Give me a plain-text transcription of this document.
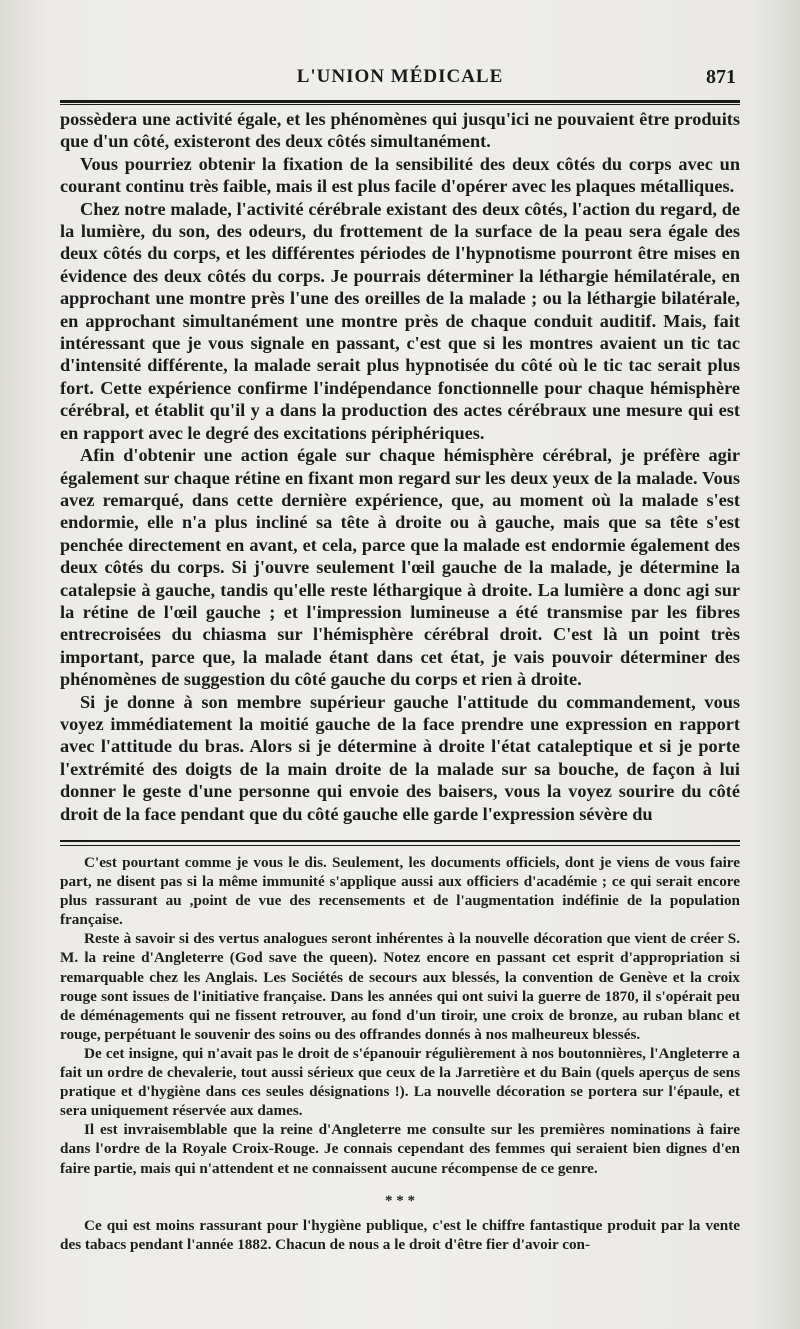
L'UNION MÉDICALE	871

possèdera une activité égale, et les phénomènes qui jusqu'ici ne pouvaient être produits que d'un côté, existeront des deux côtés simultanément.

Vous pourriez obtenir la fixation de la sensibilité des deux côtés du corps avec un courant continu très faible, mais il est plus facile d'opérer avec les plaques métalliques.

Chez notre malade, l'activité cérébrale existant des deux côtés, l'action du regard, de la lumière, du son, des odeurs, du frottement de la surface de la peau sera égale des deux côtés du corps, et les différentes périodes de l'hypnotisme pourront être mises en évidence des deux côtés du corps. Je pourrais déterminer la léthargie hémilatérale, en approchant une montre près l'une des oreilles de la malade ; ou la léthargie bilatérale, en approchant simultanément une montre près de chaque conduit auditif. Mais, fait intéressant que je vous signale en passant, c'est que si les montres avaient un tic tac d'intensité différente, la malade serait plus hypnotisée du côté où le tic tac serait plus fort. Cette expérience confirme l'indépendance fonctionnelle pour chaque hémisphère cérébral, et établit qu'il y a dans la production des actes cérébraux une mesure qui est en rapport avec le degré des excitations périphériques.

Afin d'obtenir une action égale sur chaque hémisphère cérébral, je préfère agir également sur chaque rétine en fixant mon regard sur les deux yeux de la malade. Vous avez remarqué, dans cette dernière expérience, que, au moment où la malade s'est endormie, elle n'a plus incliné sa tête à droite ou à gauche, mais que sa tête s'est penchée directement en avant, et cela, parce que la malade est endormie également des deux côtés du corps. Si j'ouvre seulement l'œil gauche de la malade, je détermine la catalepsie à gauche, tandis qu'elle reste léthargique à droite. La lumière a donc agi sur la rétine de l'œil gauche ; et l'impression lumineuse a été transmise par les fibres entrecroisées du chiasma sur l'hémisphère cérébral droit. C'est là un point très important, parce que, la malade étant dans cet état, je vais pouvoir déterminer des phénomènes de suggestion du côté gauche du corps et rien à droite.

Si je donne à son membre supérieur gauche l'attitude du commandement, vous voyez immédiatement la moitié gauche de la face prendre une expression en rapport avec l'attitude du bras. Alors si je détermine à droite l'état cataleptique et si je porte l'extrémité des doigts de la main droite de la malade sur sa bouche, de façon à lui donner le geste d'une personne qui envoie des baisers, vous la voyez sourire du côté droit de la face pendant que du côté gauche elle garde l'expression sévère du

C'est pourtant comme je vous le dis. Seulement, les documents officiels, dont je viens de vous faire part, ne disent pas si la même immunité s'applique aussi aux officiers d'académie ; ce qui serait encore plus rassurant au ,point de vue des recensements et de l'augmentation indéfinie de la population française.

Reste à savoir si des vertus analogues seront inhérentes à la nouvelle décoration que vient de créer S. M. la reine d'Angleterre (God save the queen). Notez encore en passant cet esprit d'appropriation si remarquable chez les Anglais. Les Sociétés de secours aux blessés, la convention de Genève et la croix rouge sont issues de l'initiative française. Dans les années qui ont suivi la guerre de 1870, il s'opérait peu de déménagements qui ne fissent retrouver, au fond d'un tiroir, une croix de bronze, au ruban blanc et rouge, perpétuant le souvenir des soins ou des offrandes donnés à nos malheureux blessés.

De cet insigne, qui n'avait pas le droit de s'épanouir régulièrement à nos boutonnières, l'Angleterre a fait un ordre de chevalerie, tout aussi sérieux que ceux de la Jarretière et du Bain (quels aperçus de sens pratique et d'hygiène dans ces seules désignations !). La nouvelle décoration se portera sur l'épaule, et sera uniquement réservée aux dames.

Il est invraisemblable que la reine d'Angleterre me consulte sur les premières nominations à faire dans l'ordre de la Royale Croix-Rouge. Je connais cependant des femmes qui seraient bien dignes d'en faire partie, mais qui n'attendent et ne connaissent aucune récompense de ce genre.

* * *

Ce qui est moins rassurant pour l'hygiène publique, c'est le chiffre fantastique produit par la vente des tabacs pendant l'année 1882. Chacun de nous a le droit d'être fier d'avoir con-
